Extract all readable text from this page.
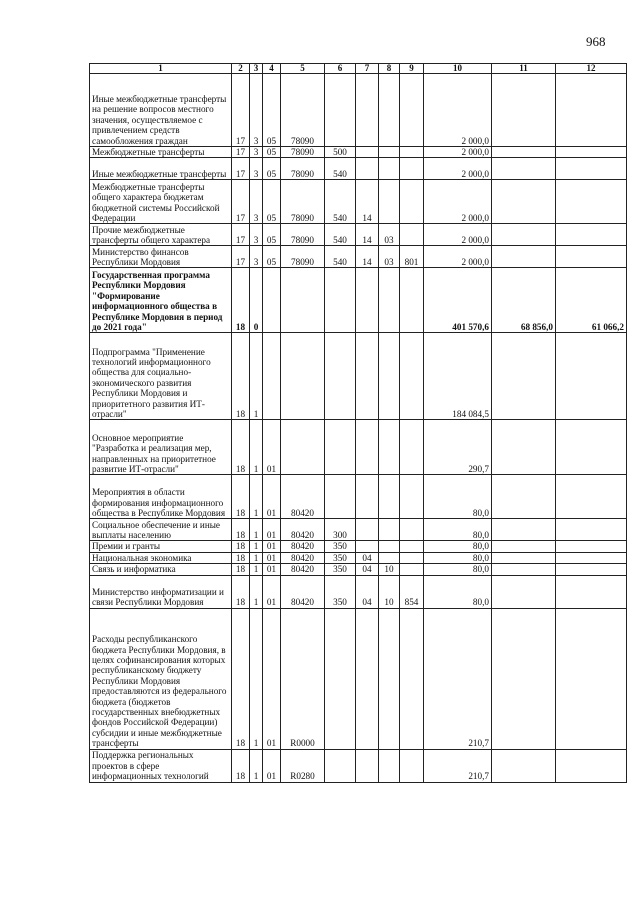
968
1	2	3	4	5	6	7	8	9	10	11	12
Иные межбюджетные трансферты на решение вопросов местного значения, осуществляемое с привлечением средств самообложения граждан	17	3	05	78090					2 000,0		
Межбюджетные трансферты	17	3	05	78090	500				2 000,0		
Иные межбюджетные трансферты	17	3	05	78090	540				2 000,0		
Межбюджетные трансферты общего характера бюджетам бюджетной системы Российской Федерации	17	3	05	78090	540	14			2 000,0		
Прочие межбюджетные трансферты общего характера	17	3	05	78090	540	14	03		2 000,0		
Министерство финансов Республики Мордовия	17	3	05	78090	540	14	03	801	2 000,0		
Государственная программа Республики Мордовия "Формирование информационного общества в Республике Мордовия в период до 2021 года"	18	0							401 570,6	68 856,0	61 066,2
Подпрограмма "Применение технологий информационного общества для социально-экономического развития Республики Мордовия и приоритетного развития ИТ-отрасли"	18	1							184 084,5		
Основное мероприятие "Разработка и реализация мер, направленных на приоритетное развитие ИТ-отрасли"	18	1	01						290,7		
Мероприятия в области формирования информационного общества в Республике Мордовия	18	1	01	80420					80,0		
Социальное обеспечение и иные выплаты населению	18	1	01	80420	300				80,0		
Премии и гранты	18	1	01	80420	350				80,0		
Национальная экономика	18	1	01	80420	350	04			80,0		
Связь и информатика	18	1	01	80420	350	04	10		80,0		
Министерство информатизации и связи Республики Мордовия	18	1	01	80420	350	04	10	854	80,0		
Расходы республиканского бюджета Республики Мордовия, в целях софинансирования которых республиканскому бюджету Республики Мордовия предоставляются из федерального бюджета (бюджетов государственных внебюджетных фондов Российской Федерации) субсидии и иные межбюджетные трансферты	18	1	01	R0000					210,7		
Поддержка региональных проектов в сфере информационных технологий	18	1	01	R0280					210,7		
